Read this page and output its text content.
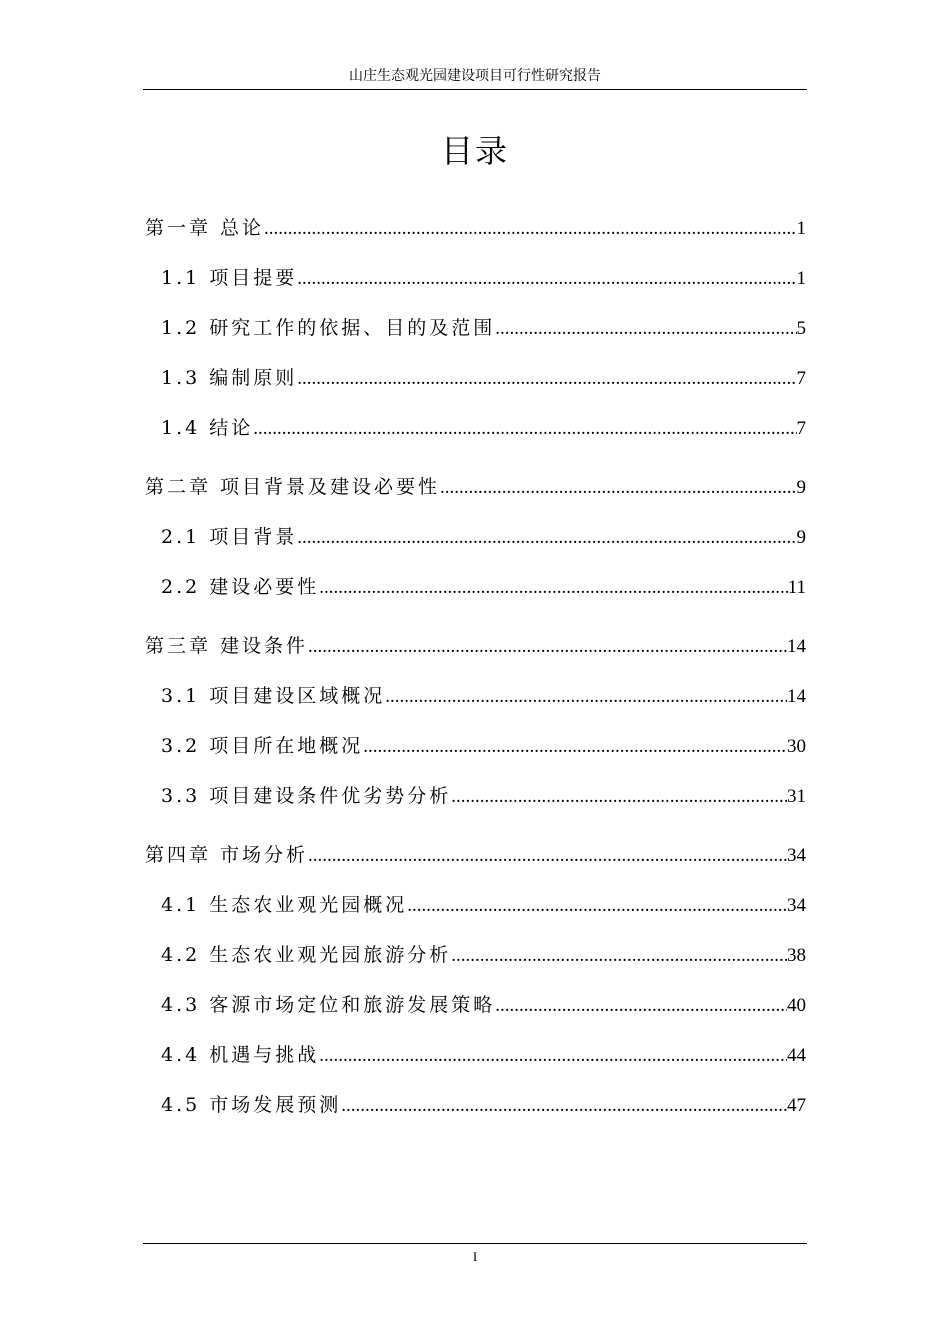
山庄生态观光园建设项目可行性研究报告
目录
第一章 总论 .....	1
1.1 项目提要 .....	1
1.2 研究工作的依据、目的及范围 .....	5
1.3 编制原则 .....	7
1.4 结论 .....	7
第二章 项目背景及建设必要性 .....	9
2.1 项目背景 .....	9
2.2 建设必要性 .....	11
第三章 建设条件 .....	14
3.1 项目建设区域概况 .....	14
3.2 项目所在地概况 .....	30
3.3 项目建设条件优劣势分析 .....	31
第四章 市场分析 .....	34
4.1 生态农业观光园概况 .....	34
4.2 生态农业观光园旅游分析 .....	38
4.3 客源市场定位和旅游发展策略 .....	40
4.4 机遇与挑战 .....	44
4.5 市场发展预测 .....	47
I
